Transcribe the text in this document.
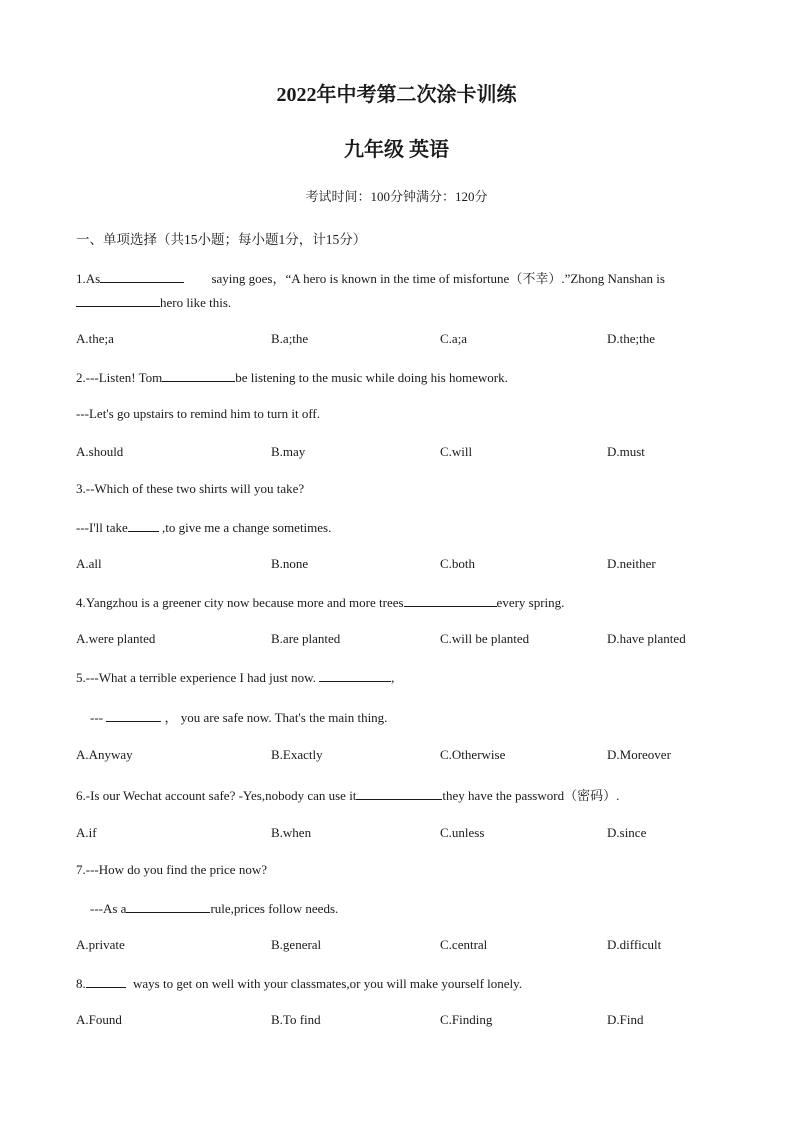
2022年中考第二次涂卡训练
九年级 英语
考试时间：100分钟满分：120分
一、单项选择（共15小题；每小题1分，计15分）
1.As	saying goes，“A hero is known in the time of misfortune（不幸）.”Zhong Nanshan is
hero like this.
A.the;a	B.a;the	C.a;a	D.the;the
2.---Listen! Tom	be listening to the music while doing his homework.
---Let's go upstairs to remind him to turn it off.
A.should	B.may	C.will	D.must
3.--Which of these two shirts will you take?
---I'll take	,to give me a change sometimes.
A.all	B.none	C.both	D.neither
4.Yangzhou is a greener city now because more and more trees	every spring.
A.were planted	B.are planted	C.will be planted	D.have planted
5.---What a terrible experience I had just now.	,
---	， you are safe now. That's the main thing.
A.Anyway	B.Exactly	C.Otherwise	D.Moreover
6.-Is our Wechat account safe? -Yes,nobody can use it	they have the password（密码）.
A.if	B.when	C.unless	D.since
7.---How do you find the price now?
---As a	rule,prices follow needs.
A.private	B.general	C.central	D.difficult
8.	ways to get on well with your classmates,or you will make yourself lonely.
A.Found	B.To find	C.Finding	D.Find
